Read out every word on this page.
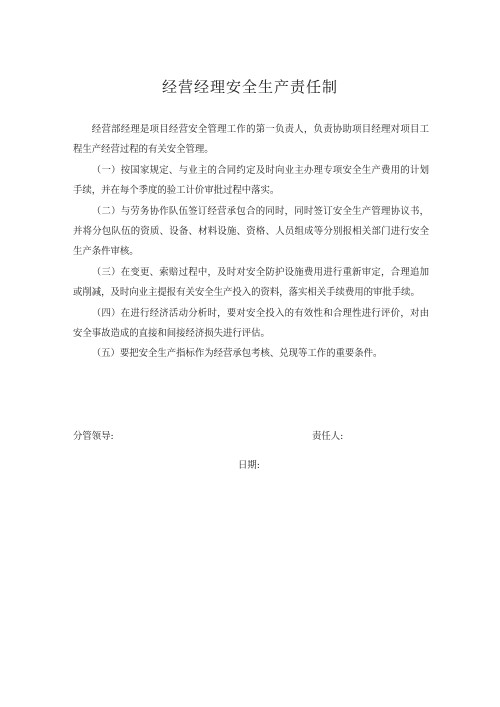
经营经理安全生产责任制

经营部经理是项目经营安全管理工作的第一负责人，负责协助项目经理对项目工程生产经营过程的有关安全管理。

（一）按国家规定、与业主的合同约定及时向业主办理专项安全生产费用的计划手续，并在每个季度的验工计价审批过程中落实。

（二）与劳务协作队伍签订经营承包合的同时，同时签订安全生产管理协议书，并将分包队伍的资质、设备、材料设施、资格、人员组成等分别报相关部门进行安全生产条件审核。

（三）在变更、索赔过程中，及时对安全防护设施费用进行重新审定，合理追加或削减，及时向业主提报有关安全生产投入的资料，落实相关手续费用的审批手续。

（四）在进行经济活动分析时，要对安全投入的有效性和合理性进行评价，对由安全事故造成的直接和间接经济损失进行评估。

（五）要把安全生产指标作为经营承包考核、兑现等工作的重要条件。

分管领导:	责任人:
日期:
